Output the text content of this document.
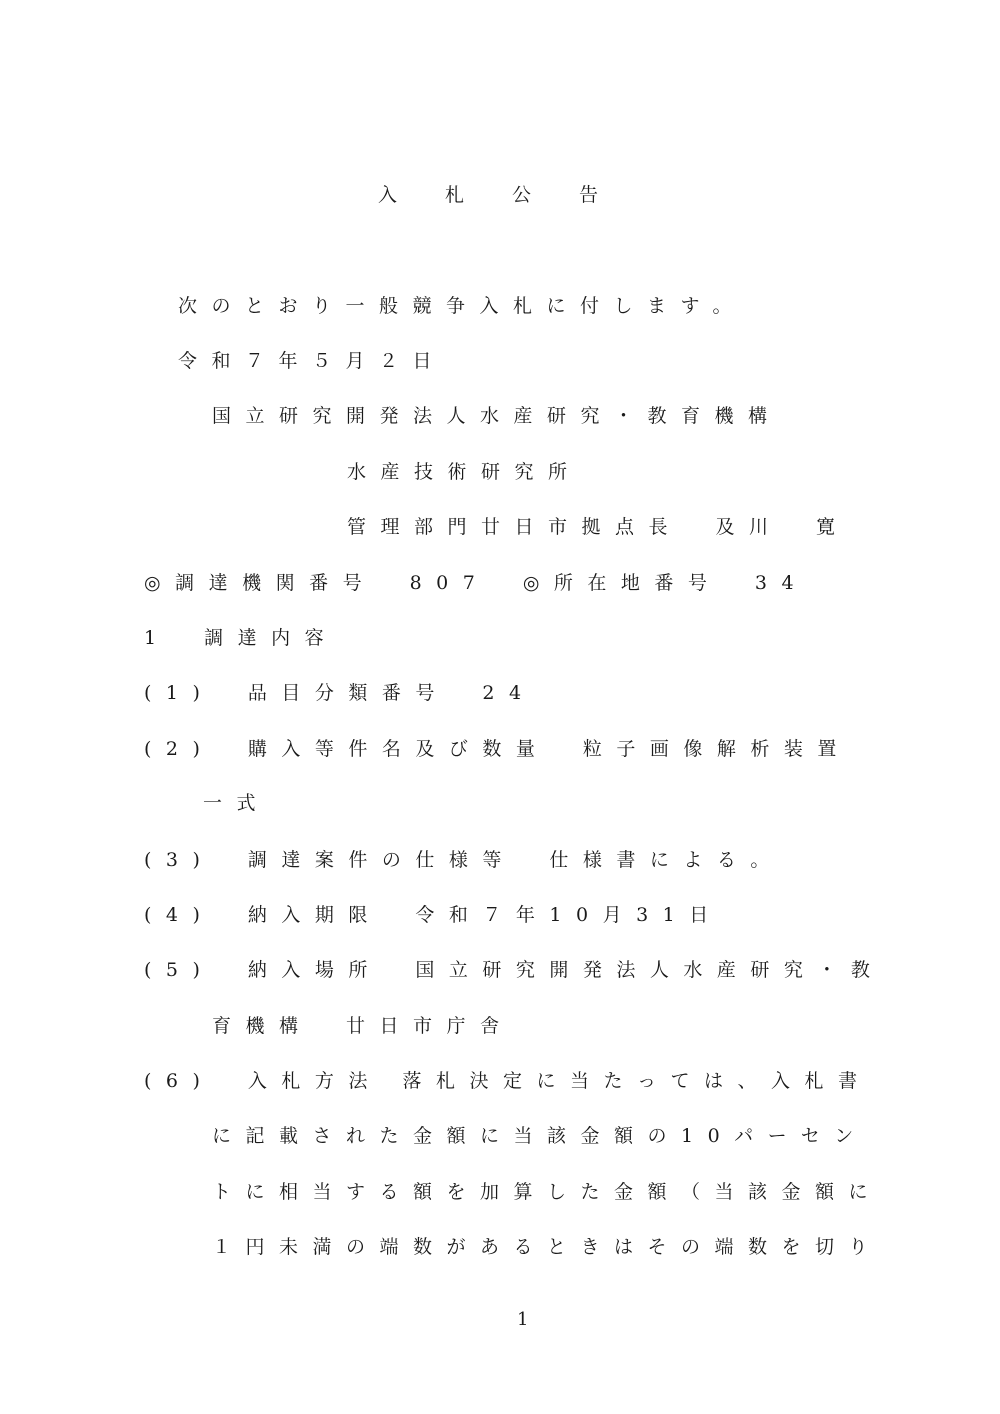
入札公告
次のとおり一般競争入札に付します。
令和７年５月２日
国立研究開発法人水産研究・教育機構
水産技術研究所
管理部門廿日市拠点長　及川　寛
◎調達機関番号　807　◎所在地番号　34
1　調達内容
(1)　品目分類番号　24
(2)　購入等件名及び数量　粒子画像解析装置
一式
(3)　調達案件の仕様等　仕様書による。
(4)　納入期限　令和７年10月31日
(5)　納入場所　国立研究開発法人水産研究・教
育機構　廿日市庁舎
(6)　入札方法 落札決定に当たっては、入札書
に記載された金額に当該金額の10パーセン
トに相当する額を加算した金額（当該金額に
１円未満の端数があるときはその端数を切り
1
